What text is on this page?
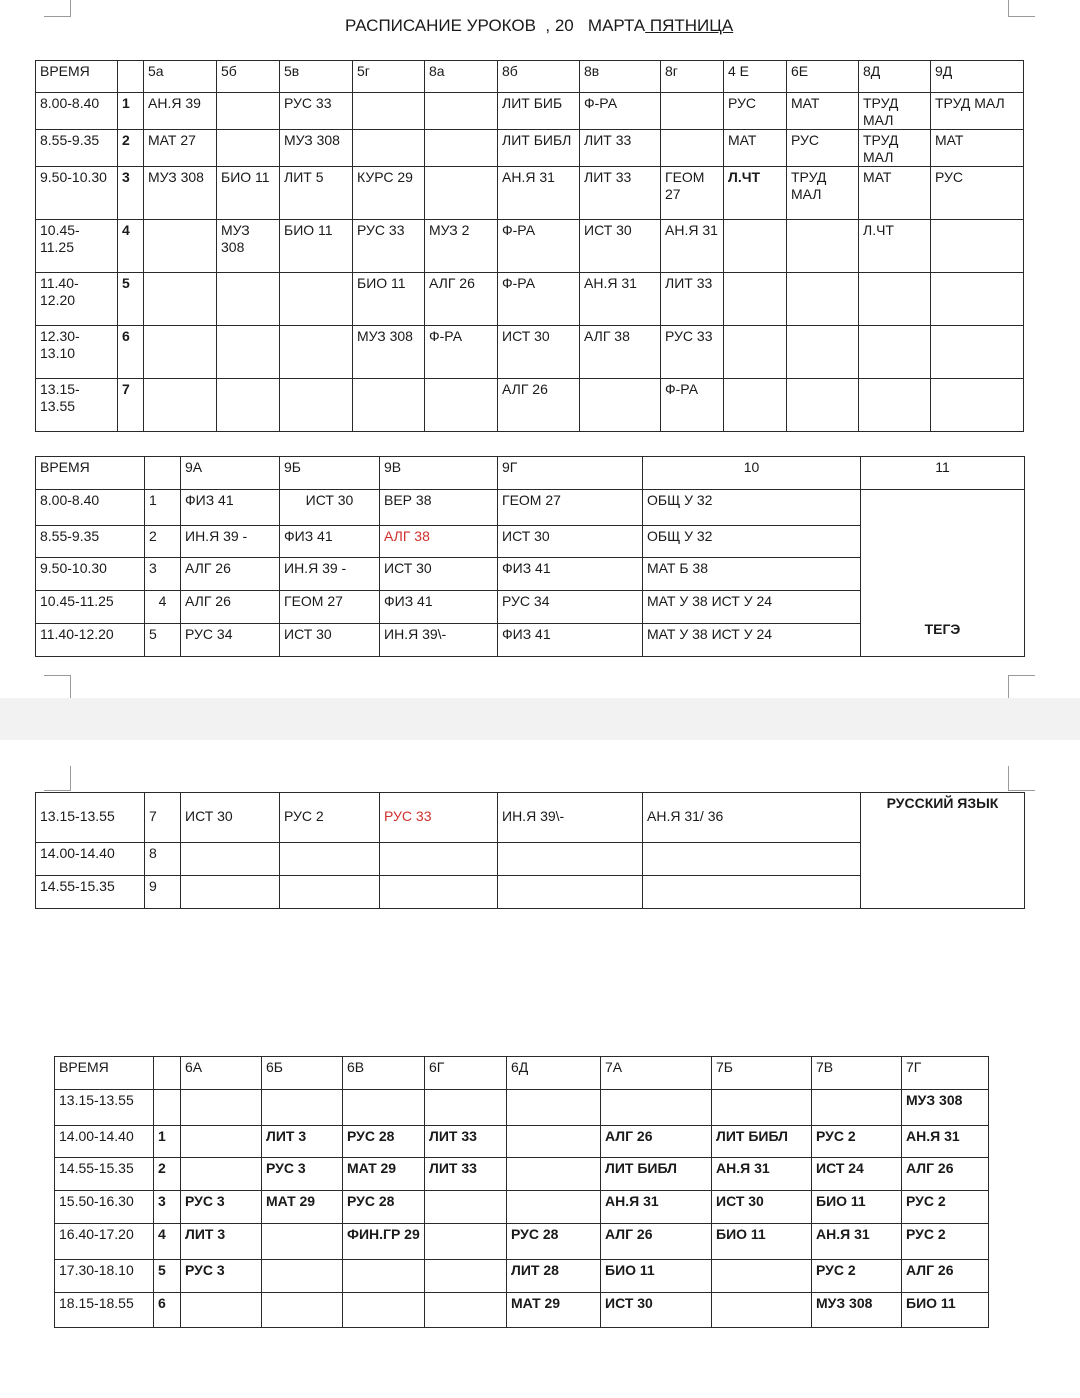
РАСПИСАНИЕ УРОКОВ  , 20   МАРТА ПЯТНИЦА
ВРЕМЯ		5а	5б	5в	5г	8а	8б	8в	8г	4 Е	6Е	8Д	9Д
8.00-8.40	1	АН.Я 39		РУС 33			ЛИТ БИБ	Ф-РА		РУС	МАТ	ТРУД МАЛ	ТРУД МАЛ
8.55-9.35	2	МАТ 27		МУЗ 308			ЛИТ БИБЛ	ЛИТ 33		МАТ	РУС	ТРУД МАЛ	МАТ
9.50-10.30	3	МУЗ 308	БИО 11	ЛИТ 5	КУРС 29		АН.Я 31	ЛИТ 33	ГЕОМ 27	Л.ЧТ	ТРУД МАЛ	МАТ	РУС
10.45-11.25	4		МУЗ 308	БИО 11	РУС 33	МУЗ 2	Ф-РА	ИСТ 30	АН.Я 31			Л.ЧТ	
11.40-12.20	5				БИО 11	АЛГ 26	Ф-РА	АН.Я 31	ЛИТ 33				
12.30-13.10	6				МУЗ 308	Ф-РА	ИСТ 30	АЛГ 38	РУС 33				
13.15-13.55	7						АЛГ 26		Ф-РА				
ВРЕМЯ		9А	9Б	9В	9Г	10	11
8.00-8.40	1	ФИЗ 41	ИСТ 30	ВЕР 38	ГЕОМ 27	ОБЩ У 32	ТЕГЭ
8.55-9.35	2	ИН.Я 39 -	ФИЗ 41	АЛГ 38	ИСТ 30	ОБЩ У 32	
9.50-10.30	3	АЛГ 26	ИН.Я 39 -	ИСТ 30	ФИЗ 41	МАТ Б 38	
10.45-11.25	4	АЛГ 26	ГЕОМ 27	ФИЗ 41	РУС 34	МАТ У 38 ИСТ У 24	
11.40-12.20	5	РУС 34	ИСТ 30	ИН.Я 39\-	ФИЗ 41	МАТ У 38 ИСТ У 24	
13.15-13.55	7	ИСТ 30	РУС 2	РУС 33	ИН.Я 39\-	АН.Я 31/ 36	РУССКИЙ ЯЗЫК
14.00-14.40	8						
14.55-15.35	9						
ВРЕМЯ		6А	6Б	6В	6Г	6Д	7А	7Б	7В	7Г
13.15-13.55										МУЗ 308
14.00-14.40	1		ЛИТ 3	РУС 28	ЛИТ 33		АЛГ 26	ЛИТ БИБЛ	РУС 2	АН.Я 31
14.55-15.35	2		РУС 3	МАТ 29	ЛИТ 33		ЛИТ БИБЛ	АН.Я 31	ИСТ 24	АЛГ 26
15.50-16.30	3	РУС 3	МАТ 29	РУС 28			АН.Я 31	ИСТ 30	БИО 11	РУС 2
16.40-17.20	4	ЛИТ 3		ФИН.ГР 29		РУС 28	АЛГ 26	БИО 11	АН.Я 31	РУС 2
17.30-18.10	5	РУС 3				ЛИТ 28	БИО 11		РУС 2	АЛГ 26
18.15-18.55	6					МАТ 29	ИСТ 30		МУЗ 308	БИО 11
